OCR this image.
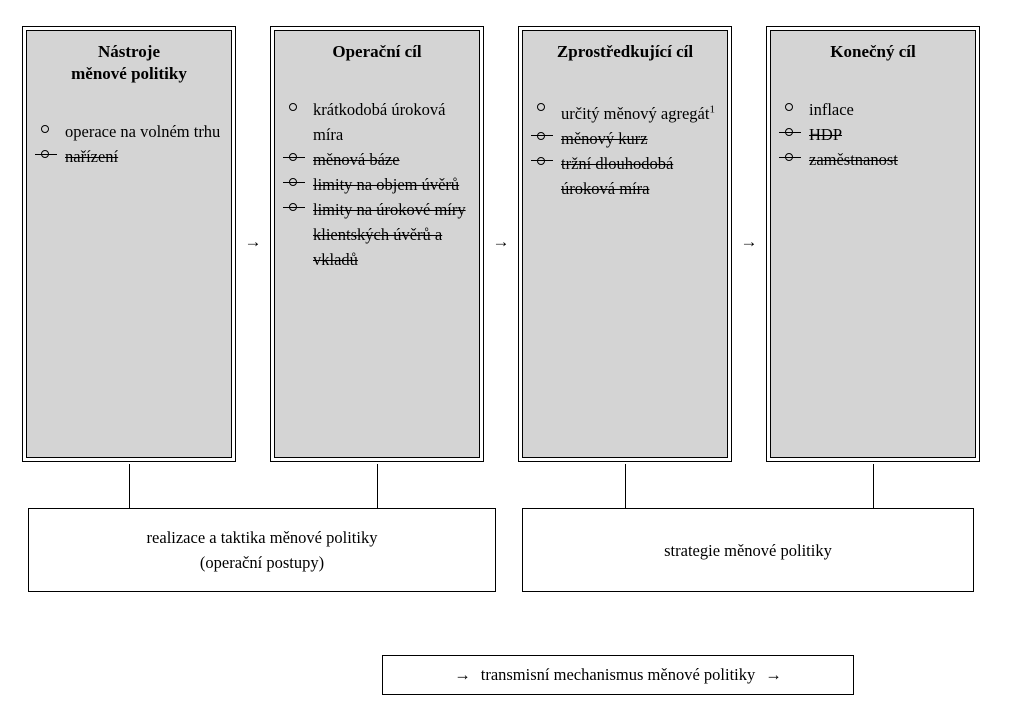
Nástroje
měnové politiky
operace na volném trhu
nařízení
→
Operační cíl
krátkodobá úroková míra
měnová báze
limity na objem úvěrů
limity na úrokové míry klientských úvěrů a vkladů
→
Zprostředkující cíl
určitý měnový agregát$^1$
měnový kurz
tržní dlouhodobá úroková míra
→
Konečný cíl
inflace
HDP
zaměstnanost
realizace a taktika měnové politiky
(operační postupy)
strategie měnové politiky
→ transmisní mechanismus měnové politiky →
